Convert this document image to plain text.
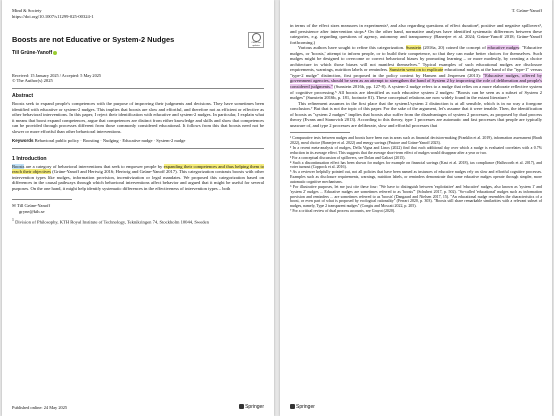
Mind & Society
https://doi.org/10.1007/s11299-025-00324-1
Check for updates
Boosts are not Educative or System-2 Nudges
Till Grüne-Yanoff
Received: 15 January 2025 / Accepted: 5 May 2025
© The Author(s) 2025
Abstract
Boosts seek to expand people's competences with the purpose of improving their judgments and decisions. They have sometimes been identified with educative or system-2 nudges. This implies that boosts are slow and effortful, and therefore not as efficient or effective as other behavioral interventions. In this paper, I reject their identification with educative and system-2 nudges. In particular, I explain what it means that boost expand competences, argue that competences are distinct from either knowledge and skills and show that competences can be provided through processes different from those commonly considered educational. It follows from this that boosts need not be slower or more effortful than other behavioral interventions.
Keywords Behavioral public policy · Boosting · Nudging · Educative nudge · System-2 nudge
1 Introduction
Boosts are a category of behavioral interventions that seek to empower people by expanding their competences and thus helping them to reach their objectives (Grüne-Yanoff and Hertwig 2016; Hertwig and Grüne-Yanoff 2017). This categorization contrasts boosts with other intervention types like nudges, information provision, incentivization or legal mandates. We proposed this categorization based on differences in the causal pathways through which behavioral interventions affect behavior and argued that it might be useful for several purposes. On the one hand, it might help identify systematic differences in the effectiveness of intervention types – both
✉ Till Grüne-Yanoff
gryne@kth.se
$^1$ Division of Philosophy, KTH Royal Institute of Technology, Teknikringen 74, Stockholm 10044, Sweden
Published online: 24 May 2025	Springer
T. Grüne-Yanoff
in terms of the effect sizes measures in experiments¹, and also regarding questions of effect duration², positive and negative spillovers³, and persistence after intervention stops.⁴ On the other hand, normative analyses have identified systematic differences between these categories, e.g. regarding questions of agency, autonomy and transparency (Banerjee et al. 2024; Grüne-Yanoff 2018; Grüne-Yanoff forthcoming.)
Various authors have sought to refine this categorization. Sunstein (2016a, 20) coined the concept of educative nudges: "Educative nudges, or 'boosts,' attempt to inform people, or to build their competence, so that they can make better choices for themselves. Such nudges might be designed to overcome or correct behavioral biases by promoting learning – or more modestly, by creating a choice architecture in which those biases will not manifest themselves." Typical examples of such educational nudges are disclosure requirements, warnings, nutrition labels or reminders. Sunstein went on to explicate educational nudges at the hand of the "type-1" versus "type-2 nudge" distinction, first proposed in the policy context by Hansen and Jespersen (2013): "Educative nudges, offered by government agencies, should be seen as an attempt to strengthen the hand of System 2 by improving the role of deliberation and people's considered judgments." (Sunstein 2016b, pp. 127-8). A system-2 nudge refers to a nudge that relies on a more elaborate reflective system of cognitive processing.⁵ All boosts are identified as such educative system 2 nudges: "Boosts can be seen as a subset of System 2 nudges" (Sunstein 2016b, p. 181, footnote 81). These conceptual relations are now widely found in the extant literature.⁶
This refinement assumes in the first place that the system1/system 2 distinction is at all sensible, which is in no way a foregone conclusion.⁷ But that is not the topic of this paper. For the sake of the argument, let's assume that it were tenable. Then, the identification of boosts as "system 2 nudges" implies that boosts also suffer from the disadvantages of system 2 processes, as proposed by dual process theory (Evans and Stanovich 2013). According to this theory, type 1 processes are automatic and fast processes that people are typically unaware of, and type 2 processes are deliberate, slow and effortful processes that
¹ Comparative tests between nudges and boosts have been run in areas such as financial decision-making (Franklin et al. 2019), information assessment (Bradt 2022), meal choice (Banerjee et al. 2022) and energy savings (Pastore and Grüne-Yanoff 2023).
² In a recent meta-analysis of nudges, Della Vigna and Linos (2022) find that each additional day over which a nudge is evaluated correlates with a 0.7% reduction in its average effect. This suggests that the average short-term effect of nudges would disappear after a year or two.
³ For a conceptual discussion of spillovers, see Dolan and Galizzi (2015).
⁴ Such a discontinuation effect has been shown for nudges for example on financial savings (Kast et al. 2018), tax compliance (Hallsworth et al. 2017), and voter turnout (Coppock et al. 2016).
⁵ As a reviewer helpfully pointed out, not all policies that have been named as instances of educative nudges rely on slow and effortful cognitive processes. Examples such as disclosure requirements, warnings, nutrition labels, or reminders demonstrate that some educative nudges operate through simpler, more automatic cognitive mechanisms.
⁶ For illustrative purposes, let me just cite these four: "We have to distinguish between 'exploitative' and 'educative' nudges, also known as 'system 1' and 'system 2' nudges ... Educative nudges are sometimes referred to as 'boosts'" (Schubert 2017, p. 502). "So-called 'educational' nudges such as information provision and reminders ... are sometimes referred to as 'boosts' (Dangaard and Nielsen 2017, 15). "An educational nudge resembles the characteristics of a boost, or even part of what is proposed by ecological rationality" (Ferrari 2020, p. 303). "Boosts still share remarkable similarities with a relevant subset of nudges, namely, Type 2 transparent nudges" (Congiu and Moscati 2022, p. 205).
⁷ For a critical review of dual process accounts, see Grayot (2020).
Springer
